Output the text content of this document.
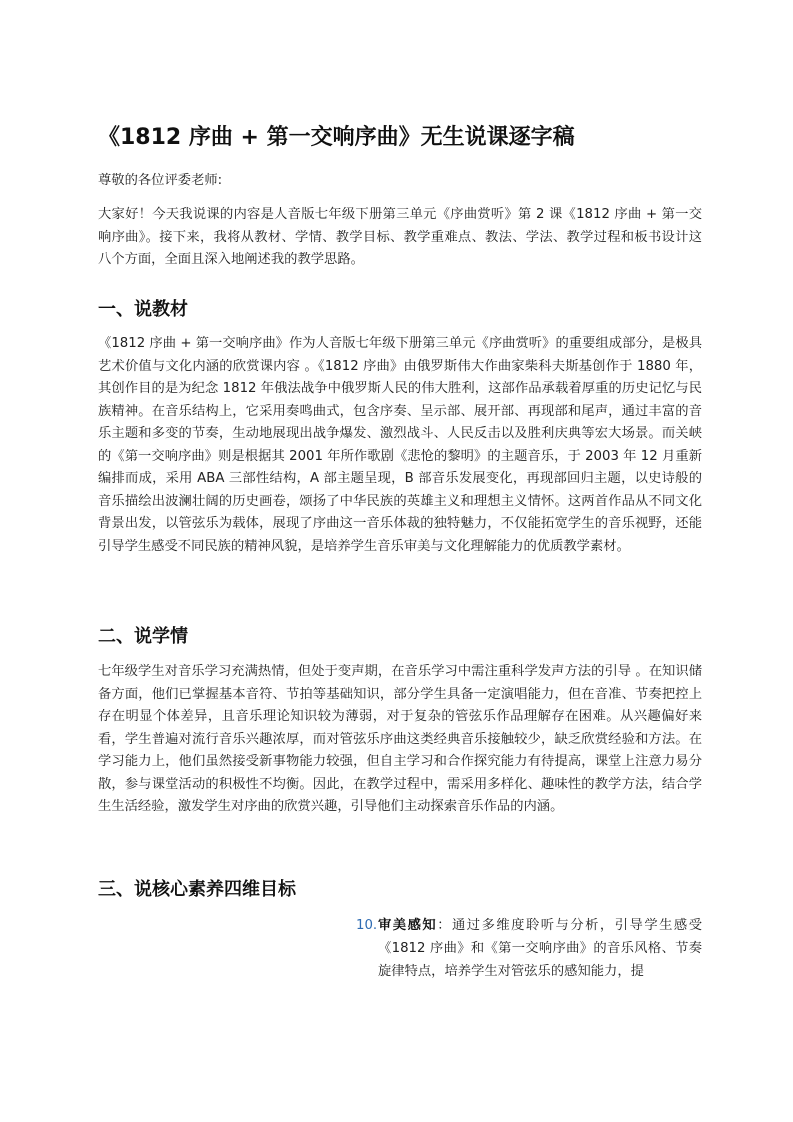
《1812 序曲 + 第一交响序曲》无生说课逐字稿
尊敬的各位评委老师:
大家好！今天我说课的内容是人音版七年级下册第三单元《序曲赏听》第 2 课《1812 序曲 + 第一交响序曲》。接下来，我将从教材、学情、教学目标、教学重难点、教法、学法、教学过程和板书设计这八个方面，全面且深入地阐述我的教学思路。
一、说教材
《1812 序曲 + 第一交响序曲》作为人音版七年级下册第三单元《序曲赏听》的重要组成部分，是极具艺术价值与文化内涵的欣赏课内容 。《1812 序曲》由俄罗斯伟大作曲家柴科夫斯基创作于 1880 年，其创作目的是为纪念 1812 年俄法战争中俄罗斯人民的伟大胜利，这部作品承载着厚重的历史记忆与民族精神。在音乐结构上，它采用奏鸣曲式，包含序奏、呈示部、展开部、再现部和尾声，通过丰富的音乐主题和多变的节奏，生动地展现出战争爆发、激烈战斗、人民反击以及胜利庆典等宏大场景。而关峡的《第一交响序曲》则是根据其 2001 年所作歌剧《悲怆的黎明》的主题音乐，于 2003 年 12 月重新编排而成，采用 ABA 三部性结构，A 部主题呈现，B 部音乐发展变化，再现部回归主题，以史诗般的音乐描绘出波澜壮阔的历史画卷，颂扬了中华民族的英雄主义和理想主义情怀。这两首作品从不同文化背景出发，以管弦乐为载体，展现了序曲这一音乐体裁的独特魅力，不仅能拓宽学生的音乐视野，还能引导学生感受不同民族的精神风貌，是培养学生音乐审美与文化理解能力的优质教学素材。
二、说学情
七年级学生对音乐学习充满热情，但处于变声期，在音乐学习中需注重科学发声方法的引导 。在知识储备方面，他们已掌握基本音符、节拍等基础知识，部分学生具备一定演唱能力，但在音准、节奏把控上存在明显个体差异，且音乐理论知识较为薄弱，对于复杂的管弦乐作品理解存在困难。从兴趣偏好来看，学生普遍对流行音乐兴趣浓厚，而对管弦乐序曲这类经典音乐接触较少，缺乏欣赏经验和方法。在学习能力上，他们虽然接受新事物能力较强，但自主学习和合作探究能力有待提高，课堂上注意力易分散，参与课堂活动的积极性不均衡。因此，在教学过程中，需采用多样化、趣味性的教学方法，结合学生生活经验，激发学生对序曲的欣赏兴趣，引导他们主动探索音乐作品的内涵。
三、说核心素养四维目标
10. 审美感知：通过多维度聆听与分析，引导学生感受《1812 序曲》和《第一交响序曲》的音乐风格、节奏旋律特点，培养学生对管弦乐的感知能力，提
